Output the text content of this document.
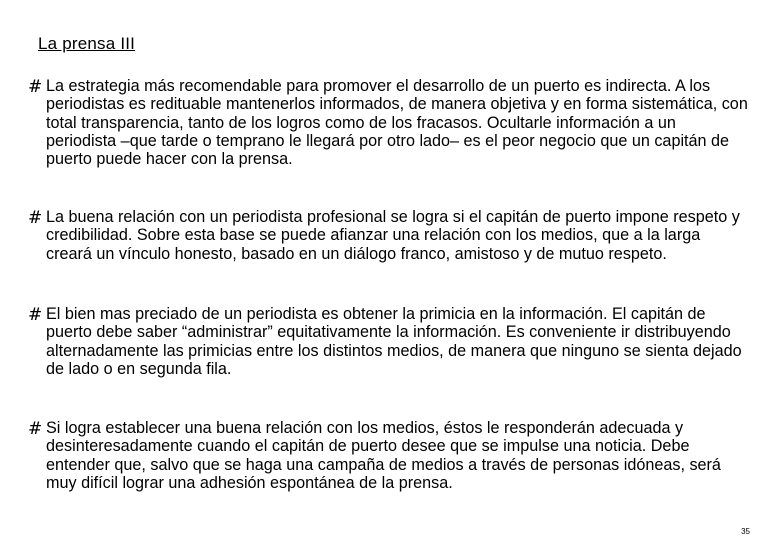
La prensa III

# La estrategia más recomendable para promover el desarrollo de un puerto es indirecta. A los periodistas es redituable mantenerlos informados, de manera objetiva y en forma sistemática, con total transparencia, tanto de los logros como de los fracasos. Ocultarle información a un periodista –que tarde o temprano le llegará por otro lado– es el peor negocio que un capitán de puerto puede hacer con la prensa.

# La buena relación con un periodista profesional se logra si el capitán de puerto impone respeto y credibilidad. Sobre esta base se puede afianzar una relación con los medios, que a la larga creará un vínculo honesto, basado en un diálogo franco, amistoso y de mutuo respeto.

# El bien mas preciado de un periodista es obtener la primicia en la información. El capitán de puerto debe saber “administrar” equitativamente la información. Es conveniente ir distribuyendo alternadamente las primicias entre los distintos medios, de manera que ninguno se sienta dejado de lado o en segunda fila.

# Si logra establecer una buena relación con los medios, éstos le responderán adecuada y desinteresadamente cuando el capitán de puerto desee que se impulse una noticia. Debe entender que, salvo que se haga una campaña de medios a través de personas idóneas, será muy difícil lograr una adhesión espontánea de la prensa.

35
